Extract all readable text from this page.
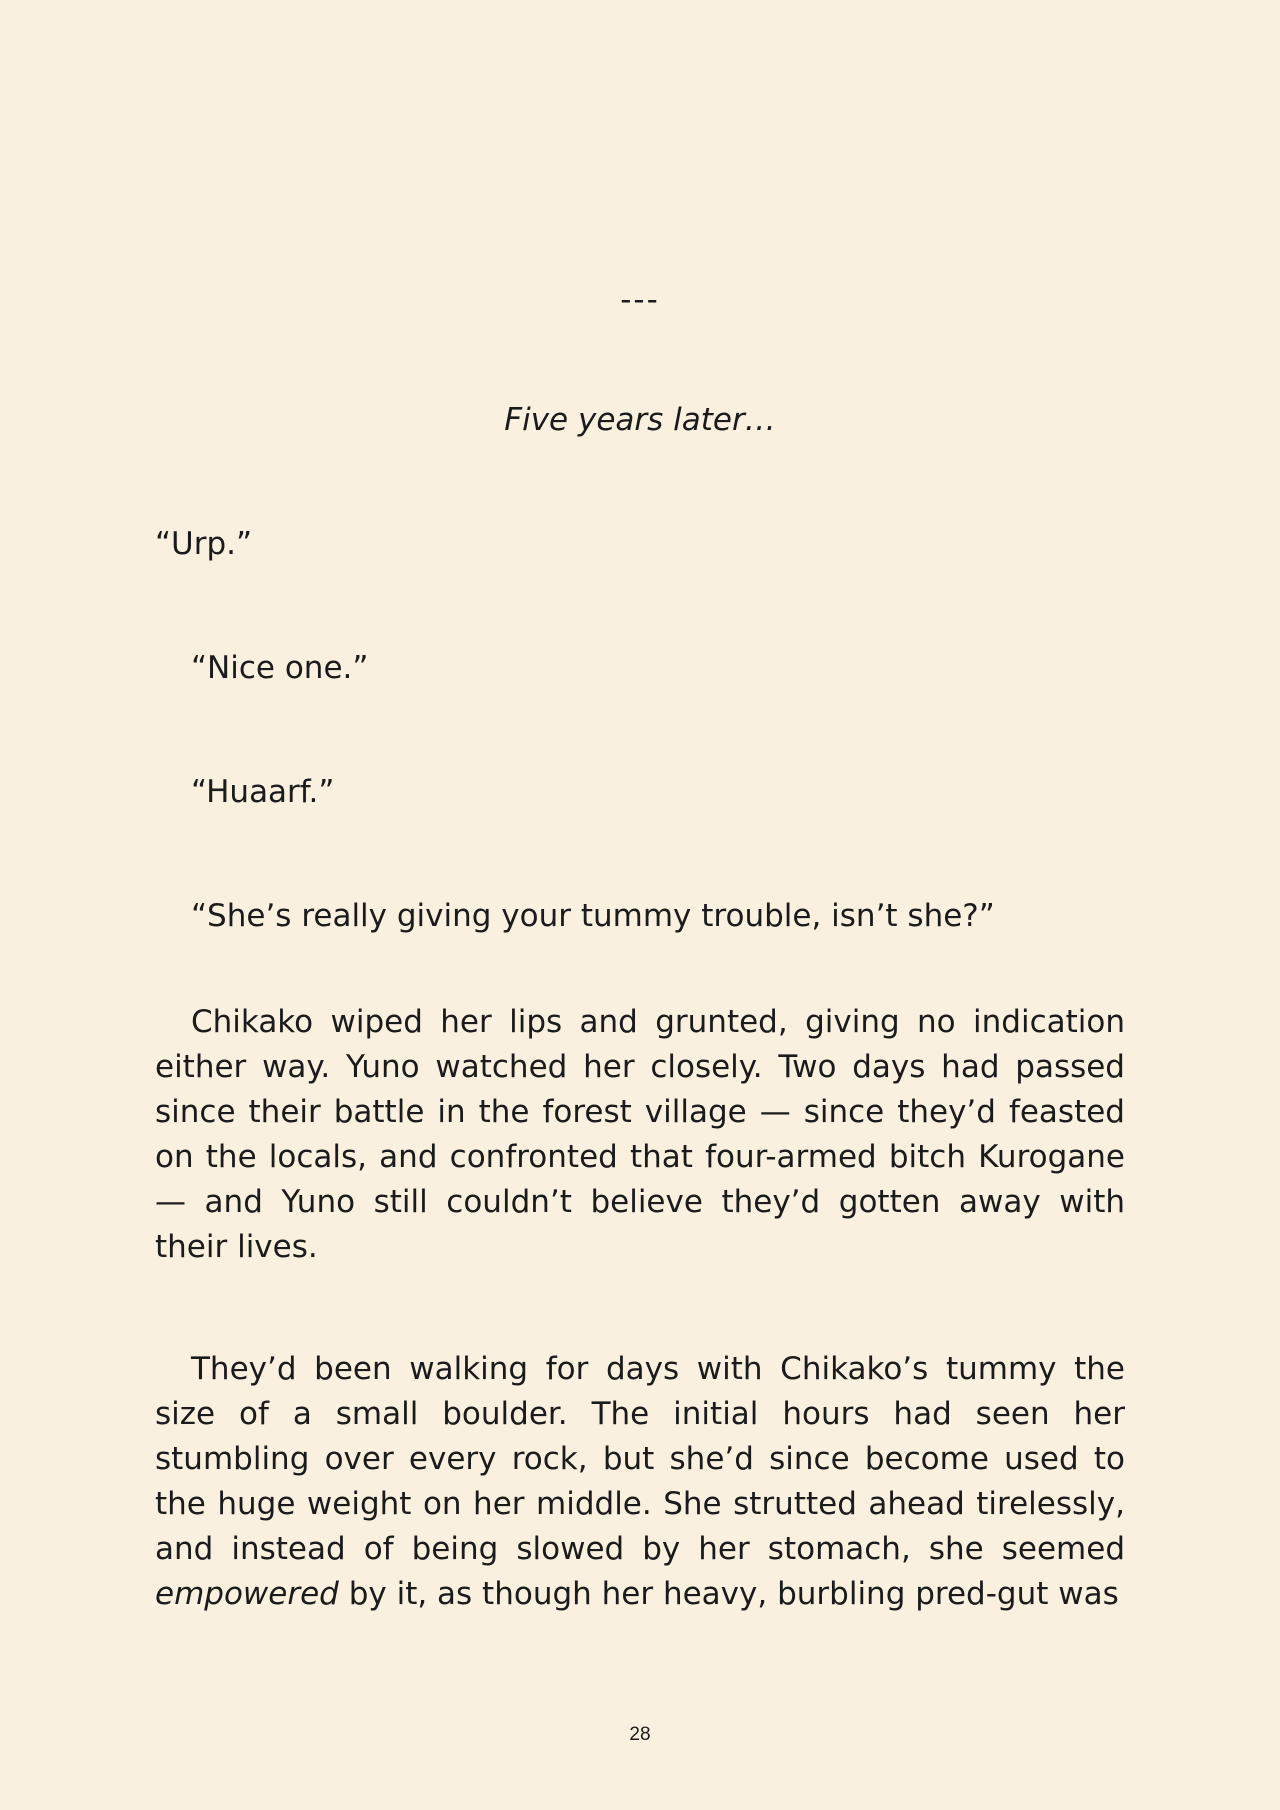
---
Five years later…
“Urp.”
“Nice one.”
“Huaarf.”
“She’s really giving your tummy trouble, isn’t she?”

Chikako wiped her lips and grunted, giving no indication either way. Yuno watched her closely. Two days had passed since their battle in the forest village — since they’d feasted on the locals, and confronted that four-armed bitch Kurogane — and Yuno still couldn’t believe they’d gotten away with their lives.

They’d been walking for days with Chikako’s tummy the size of a small boulder. The initial hours had seen her stumbling over every rock, but she’d since become used to the huge weight on her middle. She strutted ahead tirelessly, and instead of being slowed by her stomach, she seemed empowered by it, as though her heavy, burbling pred-gut was

28
